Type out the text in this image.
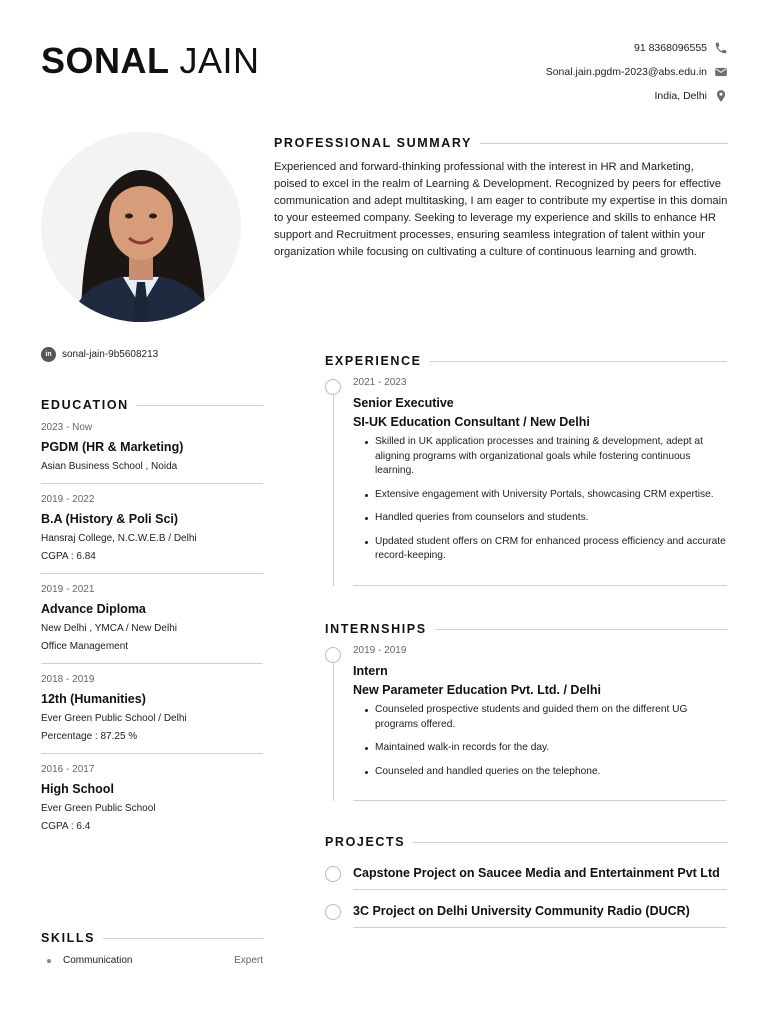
SONAL JAIN	91 8368096555
Sonal.jain.pgdm-2023@abs.edu.in
India, Delhi
PROFESSIONAL SUMMARY

Experienced and forward-thinking professional with the interest in HR and Marketing, poised to excel in the realm of Learning & Development. Recognized by peers for effective communication and adept multitasking, I am eager to contribute my expertise in this domain to your esteemed company. Seeking to leverage my experience and skills to enhance HR support and Recruitment processes, ensuring seamless integration of talent within your organization while focusing on cultivating a culture of continuous learning and growth.

in	sonal-jain-9b5608213
EDUCATION
2023 - Now
PGDM (HR & Marketing)
Asian Business School , Noida
2019 - 2022
B.A (History & Poli Sci)
Hansraj College, N.C.W.E.B / Delhi
CGPA : 6.84
2019 - 2021
Advance Diploma
New Delhi , YMCA / New Delhi
Office Management
2018 - 2019
12th (Humanities)
Ever Green Public School / Delhi
Percentage : 87.25 %
2016 - 2017
High School
Ever Green Public School
CGPA : 6.4
SKILLS
Communication	Expert
EXPERIENCE
2021 - 2023
Senior Executive
SI-UK Education Consultant / New Delhi
Skilled in UK application processes and training & development, adept at aligning programs with organizational goals while fostering continuous learning.
Extensive engagement with University Portals, showcasing CRM expertise.
Handled queries from counselors and students.
Updated student offers on CRM for enhanced process efficiency and accurate record-keeping.
INTERNSHIPS
2019 - 2019
Intern
New Parameter Education Pvt. Ltd. / Delhi
Counseled prospective students and guided them on the different UG programs offered.
Maintained walk-in records for the day.
Counseled and handled queries on the telephone.
PROJECTS
Capstone Project on Saucee Media and Entertainment Pvt Ltd
3C Project on Delhi University Community Radio (DUCR)
